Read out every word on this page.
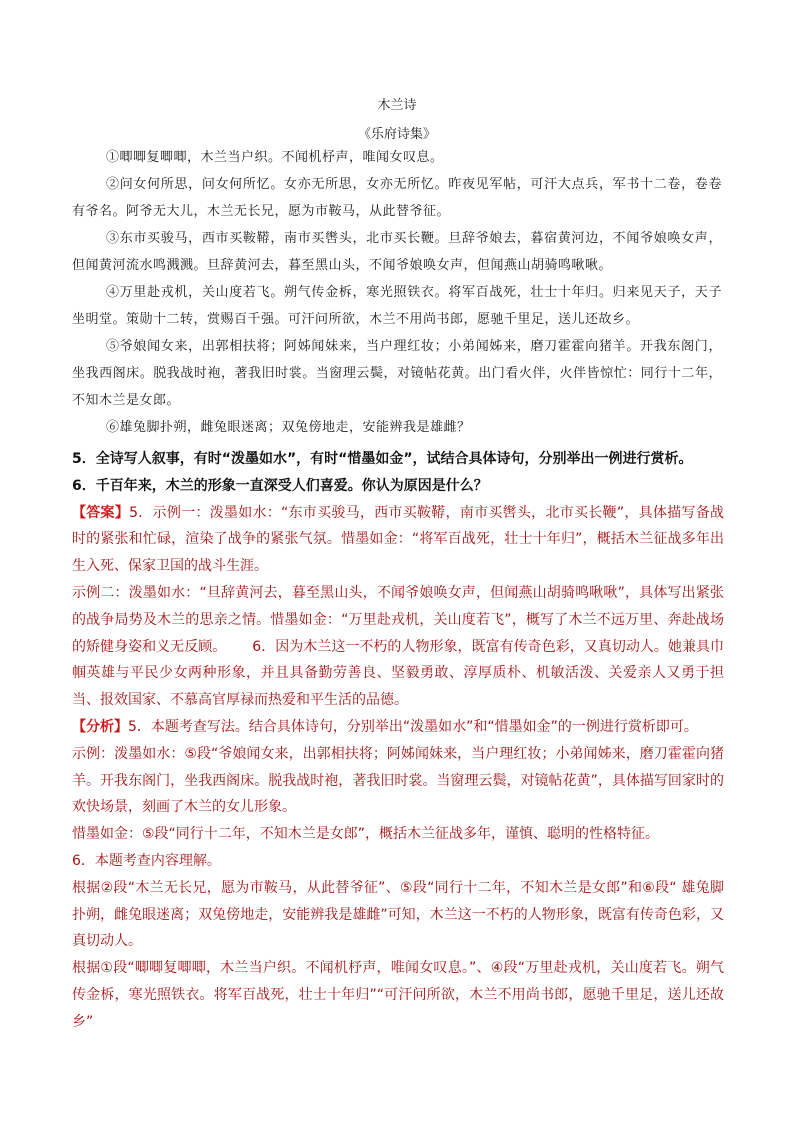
木兰诗
《乐府诗集》

①唧唧复唧唧，木兰当户织。不闻机杼声，唯闻女叹息。

②问女何所思，问女何所忆。女亦无所思，女亦无所忆。昨夜见军帖，可汗大点兵，军书十二卷，卷卷有爷名。阿爷无大儿，木兰无长兄，愿为市鞍马，从此替爷征。

③东市买骏马，西市买鞍鞯，南市买辔头，北市买长鞭。旦辞爷娘去，暮宿黄河边，不闻爷娘唤女声，但闻黄河流水鸣溅溅。旦辞黄河去，暮至黑山头，不闻爷娘唤女声，但闻燕山胡骑鸣啾啾。

④万里赴戎机，关山度若飞。朔气传金柝，寒光照铁衣。将军百战死，壮士十年归。归来见天子，天子坐明堂。策勋十二转，赏赐百千强。可汗问所欲，木兰不用尚书郎，愿驰千里足，送儿还故乡。

⑤爷娘闻女来，出郭相扶将；阿姊闻妹来，当户理红妆；小弟闻姊来，磨刀霍霍向猪羊。开我东阁门，坐我西阁床。脱我战时袍，著我旧时裳。当窗理云鬓，对镜帖花黄。出门看火伴，火伴皆惊忙：同行十二年，不知木兰是女郎。

⑥雄兔脚扑朔，雌兔眼迷离；双兔傍地走，安能辨我是雄雌？

5．全诗写人叙事，有时“泼墨如水”，有时“惜墨如金”，试结合具体诗句，分别举出一例进行赏析。

6．千百年来，木兰的形象一直深受人们喜爱。你认为原因是什么？

【答案】5．示例一：泼墨如水：“东市买骏马，西市买鞍鞯，南市买辔头，北市买长鞭”，具体描写备战时的紧张和忙碌，渲染了战争的紧张气氛。惜墨如金：“将军百战死，壮士十年归”，概括木兰征战多年出生入死、保家卫国的战斗生涯。

示例二：泼墨如水：“旦辞黄河去，暮至黑山头，不闻爷娘唤女声，但闻燕山胡骑鸣啾啾”，具体写出紧张的战争局势及木兰的思亲之情。惜墨如金：“万里赴戎机，关山度若飞”，概写了木兰不远万里、奔赴战场的矫健身姿和义无反顾。 6．因为木兰这一不朽的人物形象，既富有传奇色彩，又真切动人。她兼具巾帼英雄与平民少女两种形象，并且具备勤劳善良、坚毅勇敢、淳厚质朴、机敏活泼、关爱亲人又勇于担当、报效国家、不慕高官厚禄而热爱和平生活的品德。

【分析】5．本题考查写法。结合具体诗句，分别举出“泼墨如水”和“惜墨如金”的一例进行赏析即可。

示例：泼墨如水：⑤段“爷娘闻女来，出郭相扶将；阿姊闻妹来，当户理红妆；小弟闻姊来，磨刀霍霍向猪羊。开我东阁门，坐我西阁床。脱我战时袍，著我旧时裳。当窗理云鬓，对镜帖花黄”，具体描写回家时的欢快场景，刻画了木兰的女儿形象。

惜墨如金：⑤段“同行十二年，不知木兰是女郎”，概括木兰征战多年，谨慎、聪明的性格特征。

6．本题考查内容理解。

根据②段“木兰无长兄，愿为市鞍马，从此替爷征”、⑤段“同行十二年，不知木兰是女郎”和⑥段“ 雄兔脚扑朔，雌兔眼迷离；双兔傍地走，安能辨我是雄雌”可知，木兰这一不朽的人物形象，既富有传奇色彩，又真切动人。

根据①段“唧唧复唧唧，木兰当户织。不闻机杼声，唯闻女叹息。”、④段“万里赴戎机，关山度若飞。朔气传金柝，寒光照铁衣。将军百战死，壮士十年归”“可汗问所欲，木兰不用尚书郎，愿驰千里足，送儿还故乡”
